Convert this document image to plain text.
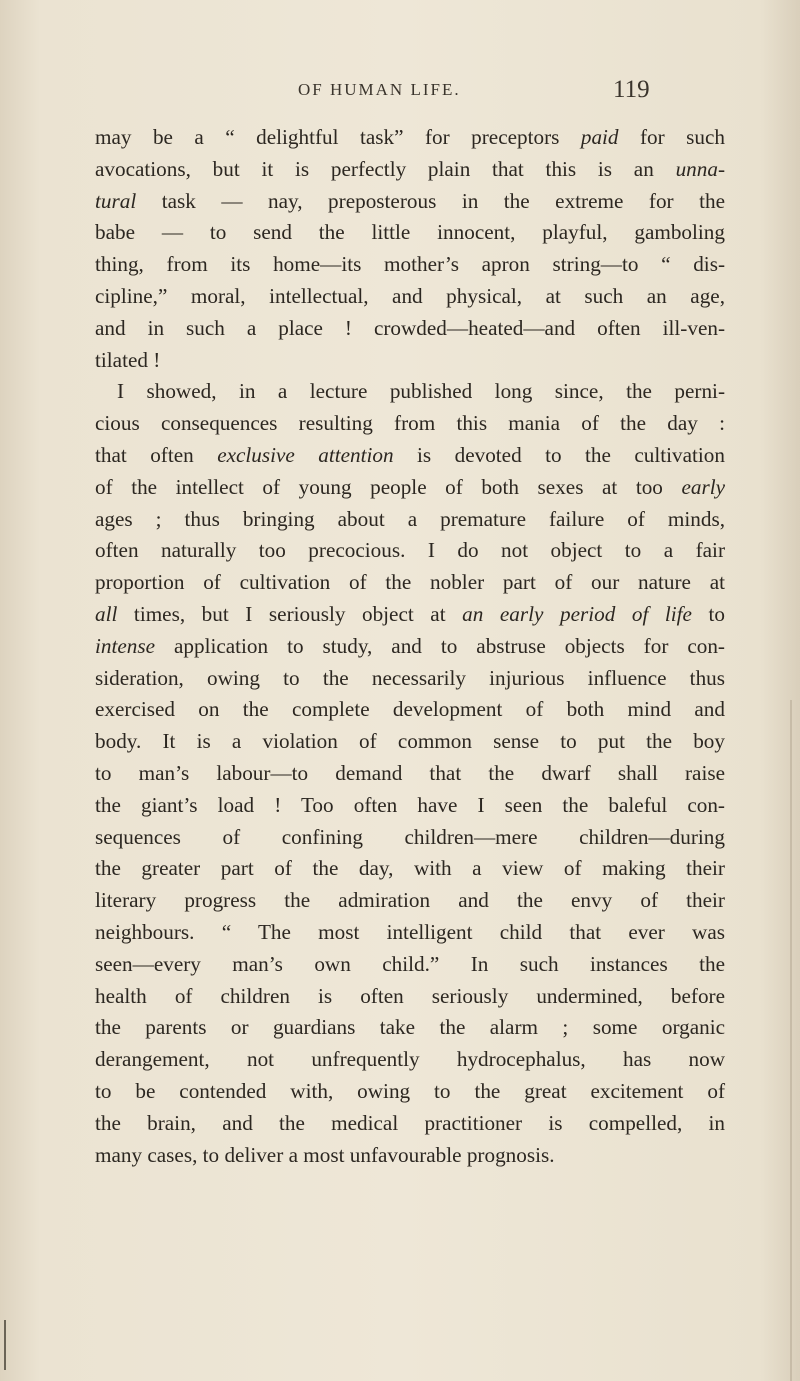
OF HUMAN LIFE.	119
may be a “ delightful task” for preceptors paid for such
avocations, but it is perfectly plain that this is an unna-
tural task — nay, preposterous in the extreme for the
babe — to send the little innocent, playful, gamboling
thing, from its home—its mother’s apron string—to “ dis-
cipline,” moral, intellectual, and physical, at such an age,
and in such a place ! crowded—heated—and often ill-ven-
tilated !
I showed, in a lecture published long since, the perni-
cious consequences resulting from this mania of the day :
that often exclusive attention is devoted to the cultivation
of the intellect of young people of both sexes at too early
ages ; thus bringing about a premature failure of minds,
often naturally too precocious. I do not object to a fair
proportion of cultivation of the nobler part of our nature at
all times, but I seriously object at an early period of life to
intense application to study, and to abstruse objects for con-
sideration, owing to the necessarily injurious influence thus
exercised on the complete development of both mind and
body. It is a violation of common sense to put the boy
to man’s labour—to demand that the dwarf shall raise
the giant’s load ! Too often have I seen the baleful con-
sequences of confining children—mere children—during
the greater part of the day, with a view of making their
literary progress the admiration and the envy of their
neighbours. “ The most intelligent child that ever was
seen—every man’s own child.” In such instances the
health of children is often seriously undermined, before
the parents or guardians take the alarm ; some organic
derangement, not unfrequently hydrocephalus, has now
to be contended with, owing to the great excitement of
the brain, and the medical practitioner is compelled, in
many cases, to deliver a most unfavourable prognosis.
